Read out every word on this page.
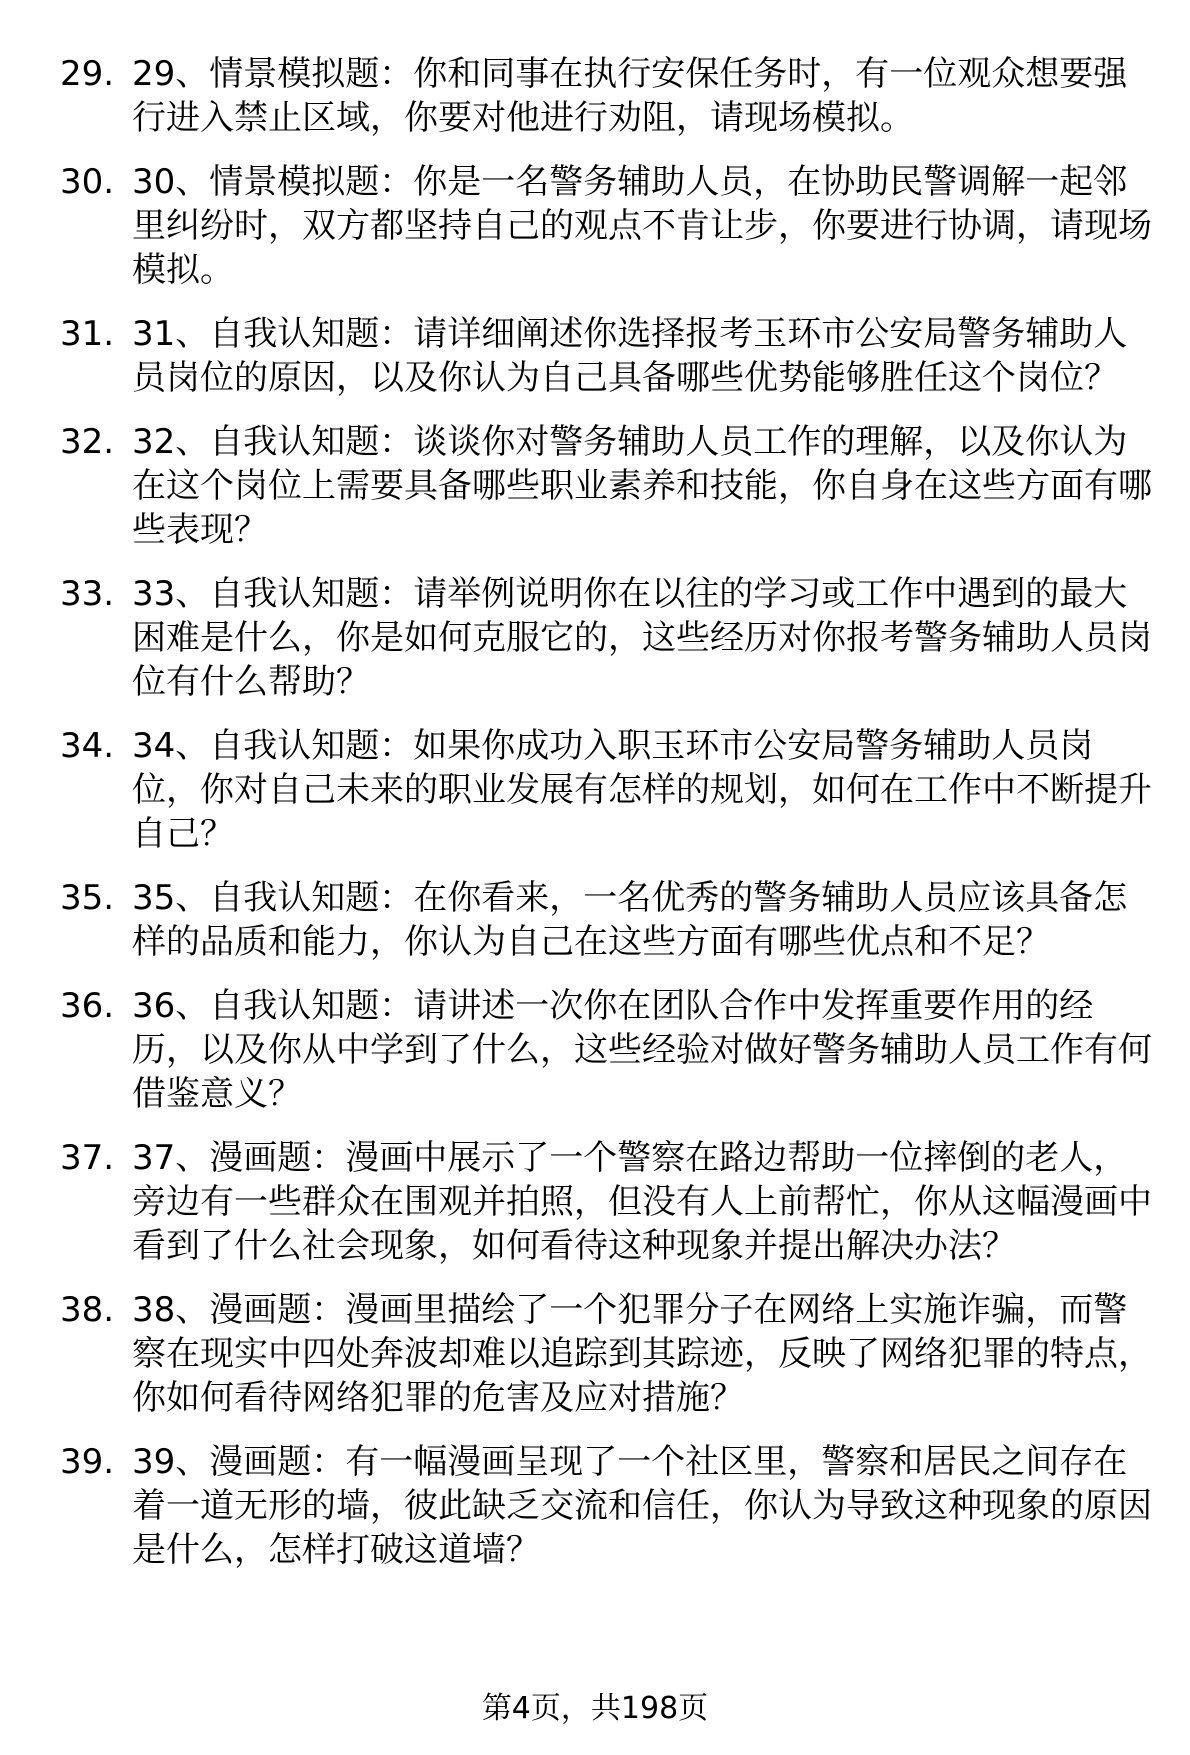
29. 29、情景模拟题：你和同事在执行安保任务时，有一位观众想要强行进入禁止区域，你要对他进行劝阻，请现场模拟。
30. 30、情景模拟题：你是一名警务辅助人员，在协助民警调解一起邻里纠纷时，双方都坚持自己的观点不肯让步，你要进行协调，请现场模拟。
31. 31、自我认知题：请详细阐述你选择报考玉环市公安局警务辅助人员岗位的原因，以及你认为自己具备哪些优势能够胜任这个岗位？
32. 32、自我认知题：谈谈你对警务辅助人员工作的理解，以及你认为在这个岗位上需要具备哪些职业素养和技能，你自身在这些方面有哪些表现？
33. 33、自我认知题：请举例说明你在以往的学习或工作中遇到的最大困难是什么，你是如何克服它的，这些经历对你报考警务辅助人员岗位有什么帮助？
34. 34、自我认知题：如果你成功入职玉环市公安局警务辅助人员岗位，你对自己未来的职业发展有怎样的规划，如何在工作中不断提升自己？
35. 35、自我认知题：在你看来，一名优秀的警务辅助人员应该具备怎样的品质和能力，你认为自己在这些方面有哪些优点和不足？
36. 36、自我认知题：请讲述一次你在团队合作中发挥重要作用的经历，以及你从中学到了什么，这些经验对做好警务辅助人员工作有何借鉴意义？
37. 37、漫画题：漫画中展示了一个警察在路边帮助一位摔倒的老人，旁边有一些群众在围观并拍照，但没有人上前帮忙，你从这幅漫画中看到了什么社会现象，如何看待这种现象并提出解决办法？
38. 38、漫画题：漫画里描绘了一个犯罪分子在网络上实施诈骗，而警察在现实中四处奔波却难以追踪到其踪迹，反映了网络犯罪的特点，你如何看待网络犯罪的危害及应对措施？
39. 39、漫画题：有一幅漫画呈现了一个社区里，警察和居民之间存在着一道无形的墙，彼此缺乏交流和信任，你认为导致这种现象的原因是什么，怎样打破这道墙？
第4页，共198页
